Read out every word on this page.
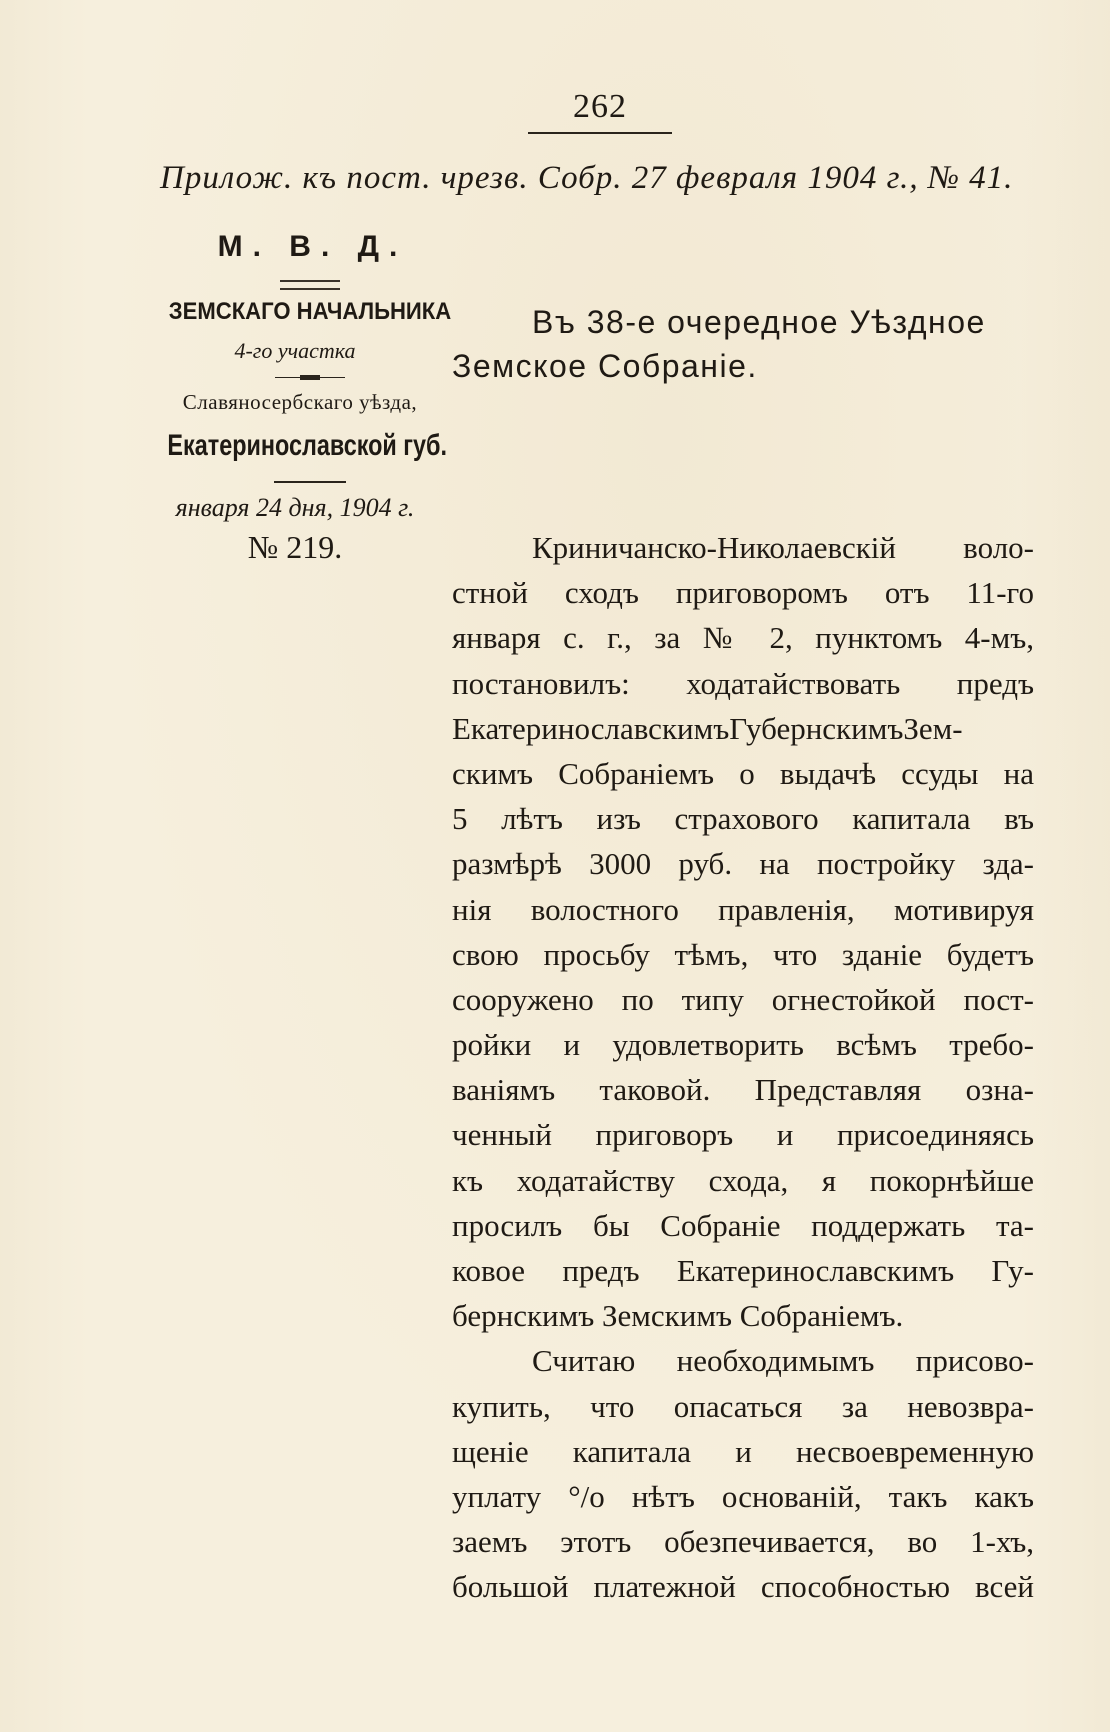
262
Прилож. къ пост. чрезв. Собр. 27 февраля 1904 г., № 41.
М. В. Д.
ЗЕМСКАГО НАЧАЛЬНИКА
4-го участка
Славяносербскаго уѣзда,
Екатеринославской губ.
января 24 дня, 1904 г.
№ 219.
Въ 38-е очередное Уѣздное
Земское Собраніе.
Криничанско-Николаевскій воло-
стной сходъ приговоромъ отъ 11-го
января с. г., за № 2, пунктомъ 4-мъ,
постановилъ: ходатайствовать предъ
ЕкатеринославскимъГубернскимъЗем-
скимъ Собраніемъ о выдачѣ ссуды на
5 лѣтъ изъ страхового капитала въ
размѣрѣ 3000 руб. на постройку зда-
нія волостного правленія, мотивируя
свою просьбу тѣмъ, что зданіе будетъ
сооружено по типу огнестойкой пост-
ройки и удовлетворить всѣмъ требо-
ваніямъ таковой. Представляя озна-
ченный приговоръ и присоединяясь
къ ходатайству схода, я покорнѣйше
просилъ бы Собраніе поддержать та-
ковое предъ Екатеринославскимъ Гу-
бернскимъ Земскимъ Собраніемъ.
Считаю необходимымъ присово-
купить, что опасаться за невозвра-
щеніе капитала и несвоевременную
уплату °/о нѣтъ основаній, такъ какъ
заемъ этотъ обезпечивается, во 1-хъ,
большой платежной способностью всей
